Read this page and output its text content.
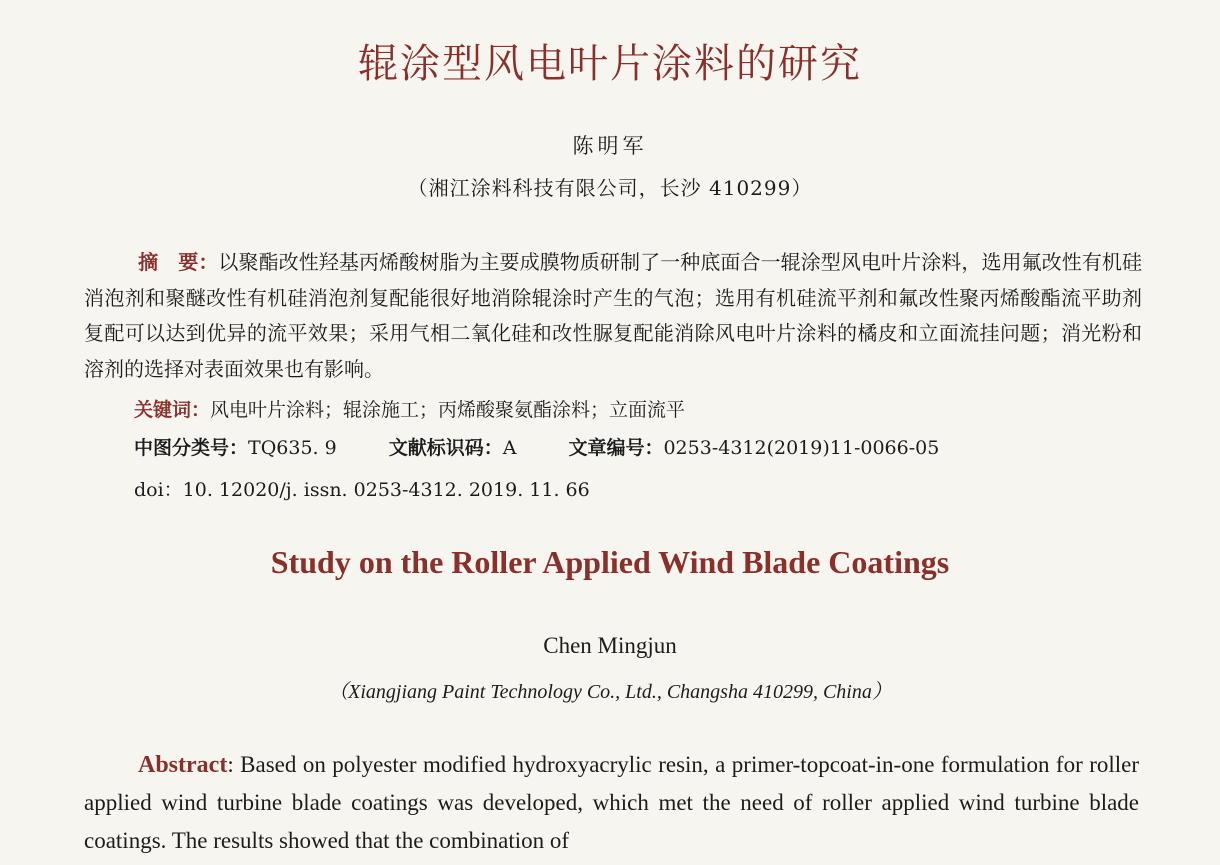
辊涂型风电叶片涂料的研究
陈明军
（湘江涂料科技有限公司，长沙 410299）
摘　要：以聚酯改性羟基丙烯酸树脂为主要成膜物质研制了一种底面合一辊涂型风电叶片涂料，选用氟改性有机硅消泡剂和聚醚改性有机硅消泡剂复配能很好地消除辊涂时产生的气泡；选用有机硅流平剂和氟改性聚丙烯酸酯流平助剂复配可以达到优异的流平效果；采用气相二氧化硅和改性脲复配能消除风电叶片涂料的橘皮和立面流挂问题；消光粉和溶剂的选择对表面效果也有影响。
关键词：风电叶片涂料；辊涂施工；丙烯酸聚氨酯涂料；立面流平
中图分类号：TQ635. 9	文献标识码：A	文章编号：0253-4312(2019)11-0066-05
doi：10. 12020/j. issn. 0253-4312. 2019. 11. 66
Study on the Roller Applied Wind Blade Coatings
Chen Mingjun
（Xiangjiang Paint Technology Co., Ltd., Changsha 410299, China）
Abstract: Based on polyester modified hydroxyacrylic resin, a primer-topcoat-in-one formulation for roller applied wind turbine blade coatings was developed, which met the need of roller applied wind turbine blade coatings. The results showed that the combination of
